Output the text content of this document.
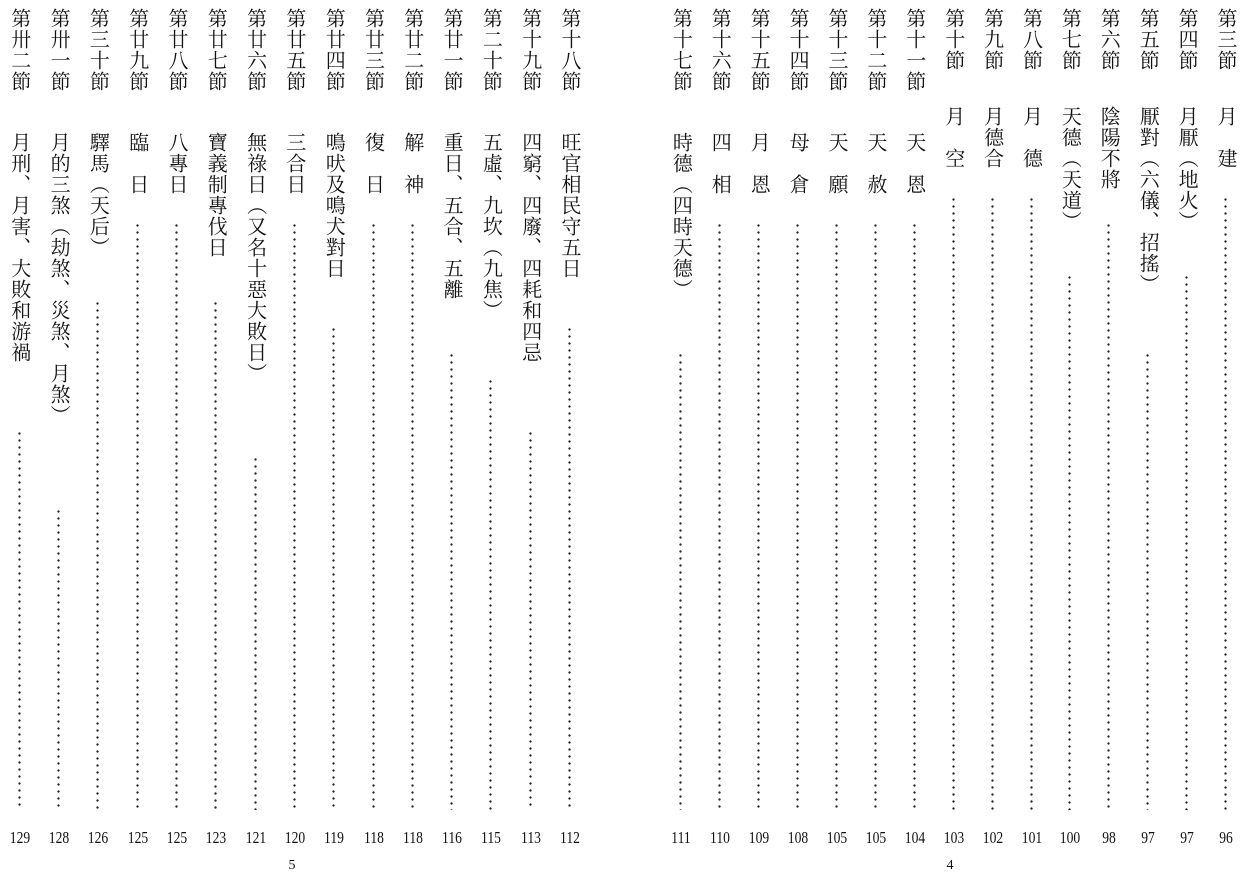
5
第十八節
旺官相民守五日
112
第十九節
四窮、四廢、四耗和四忌
113
第二十節
五虛、九坎（九焦）
115
第廿一節
重日、五合、五離
116
第廿二節
解　神
118
第廿三節
復　日
118
第廿四節
鳴吠及鳴犬對日
119
第廿五節
三合日
120
第廿六節
無祿日（又名十惡大敗日）
121
第廿七節
寶義制專伐日
123
第廿八節
八專日
125
第廿九節
臨　日
125
第三十節
驛馬（天后）
126
第卅一節
月的三煞（劫煞、災煞、月煞）
128
第卅二節
月刑、月害、大敗和游禍
129
4
第三節
月　建
96
第四節
月厭（地火）
97
第五節
厭對（六儀、招搖）
97
第六節
陰陽不將
98
第七節
天德（天道）
100
第八節
月　德
101
第九節
月德合
102
第十節
月　空
103
第十一節
天　恩
104
第十二節
天　赦
105
第十三節
天　願
105
第十四節
母　倉
108
第十五節
月　恩
109
第十六節
四　相
110
第十七節
時德（四時天德）
111
